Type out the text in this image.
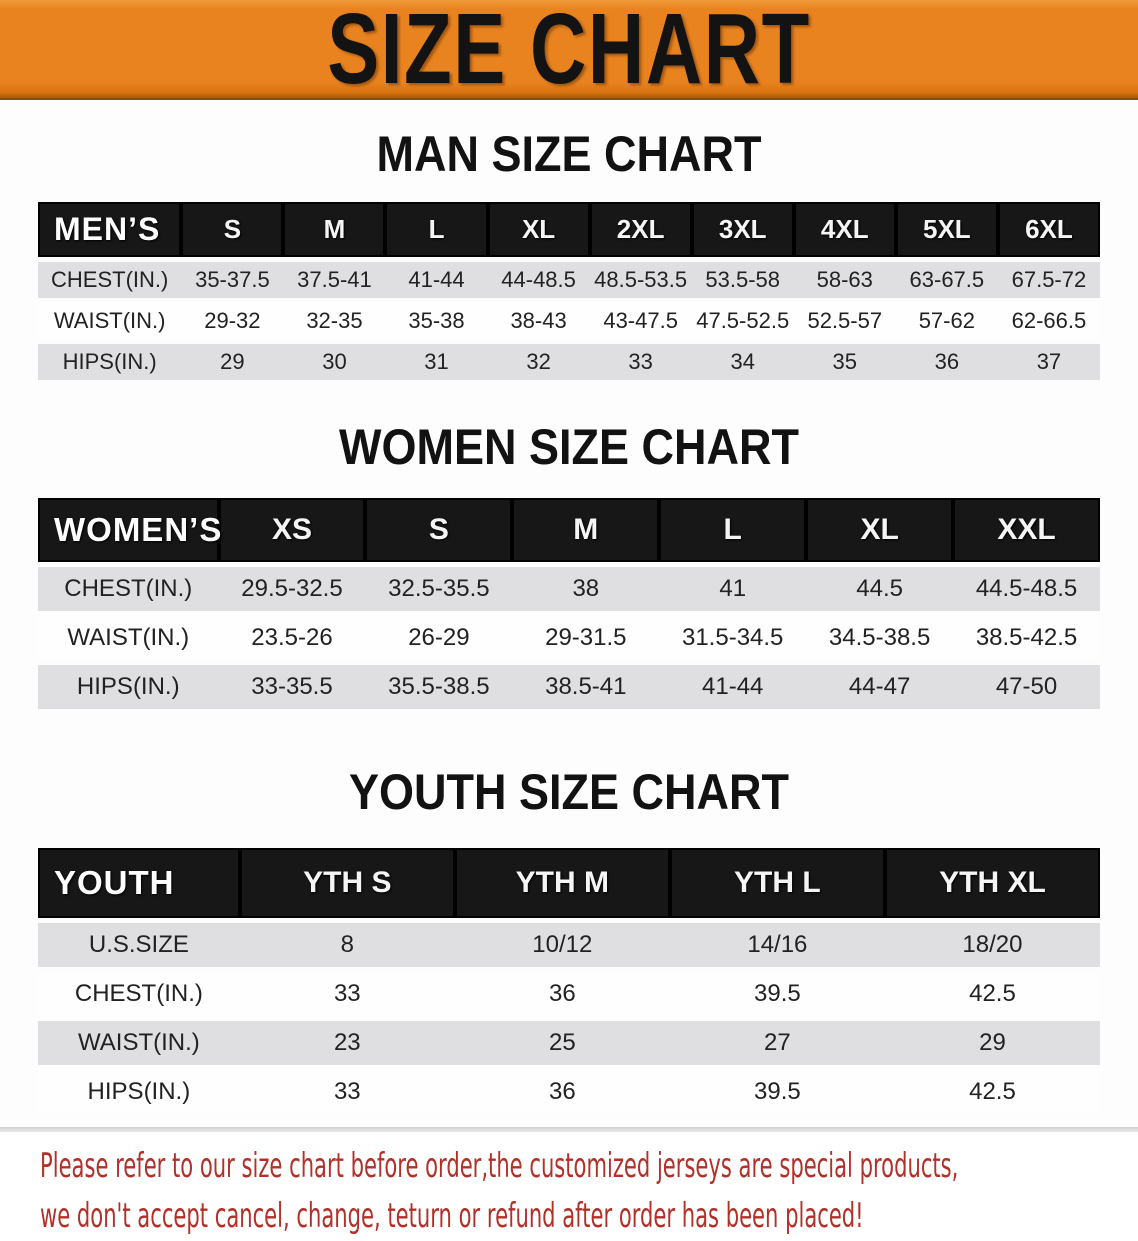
SIZE CHART
MAN SIZE CHART
MEN’S	S	M	L	XL	2XL	3XL	4XL	5XL	6XL
CHEST(IN.)	35-37.5	37.5-41	41-44	44-48.5	48.5-53.5	53.5-58	58-63	63-67.5	67.5-72
WAIST(IN.)	29-32	32-35	35-38	38-43	43-47.5	47.5-52.5	52.5-57	57-62	62-66.5
HIPS(IN.)	29	30	31	32	33	34	35	36	37
WOMEN SIZE CHART
WOMEN’S	XS	S	M	L	XL	XXL
CHEST(IN.)	29.5-32.5	32.5-35.5	38	41	44.5	44.5-48.5
WAIST(IN.)	23.5-26	26-29	29-31.5	31.5-34.5	34.5-38.5	38.5-42.5
HIPS(IN.)	33-35.5	35.5-38.5	38.5-41	41-44	44-47	47-50
YOUTH SIZE CHART
YOUTH	YTH S	YTH M	YTH L	YTH XL
U.S.SIZE	8	10/12	14/16	18/20
CHEST(IN.)	33	36	39.5	42.5
WAIST(IN.)	23	25	27	29
HIPS(IN.)	33	36	39.5	42.5

Please refer to our size chart before order,the customized jerseys are special products,
we don't accept cancel, change, teturn or refund after order has been placed!
